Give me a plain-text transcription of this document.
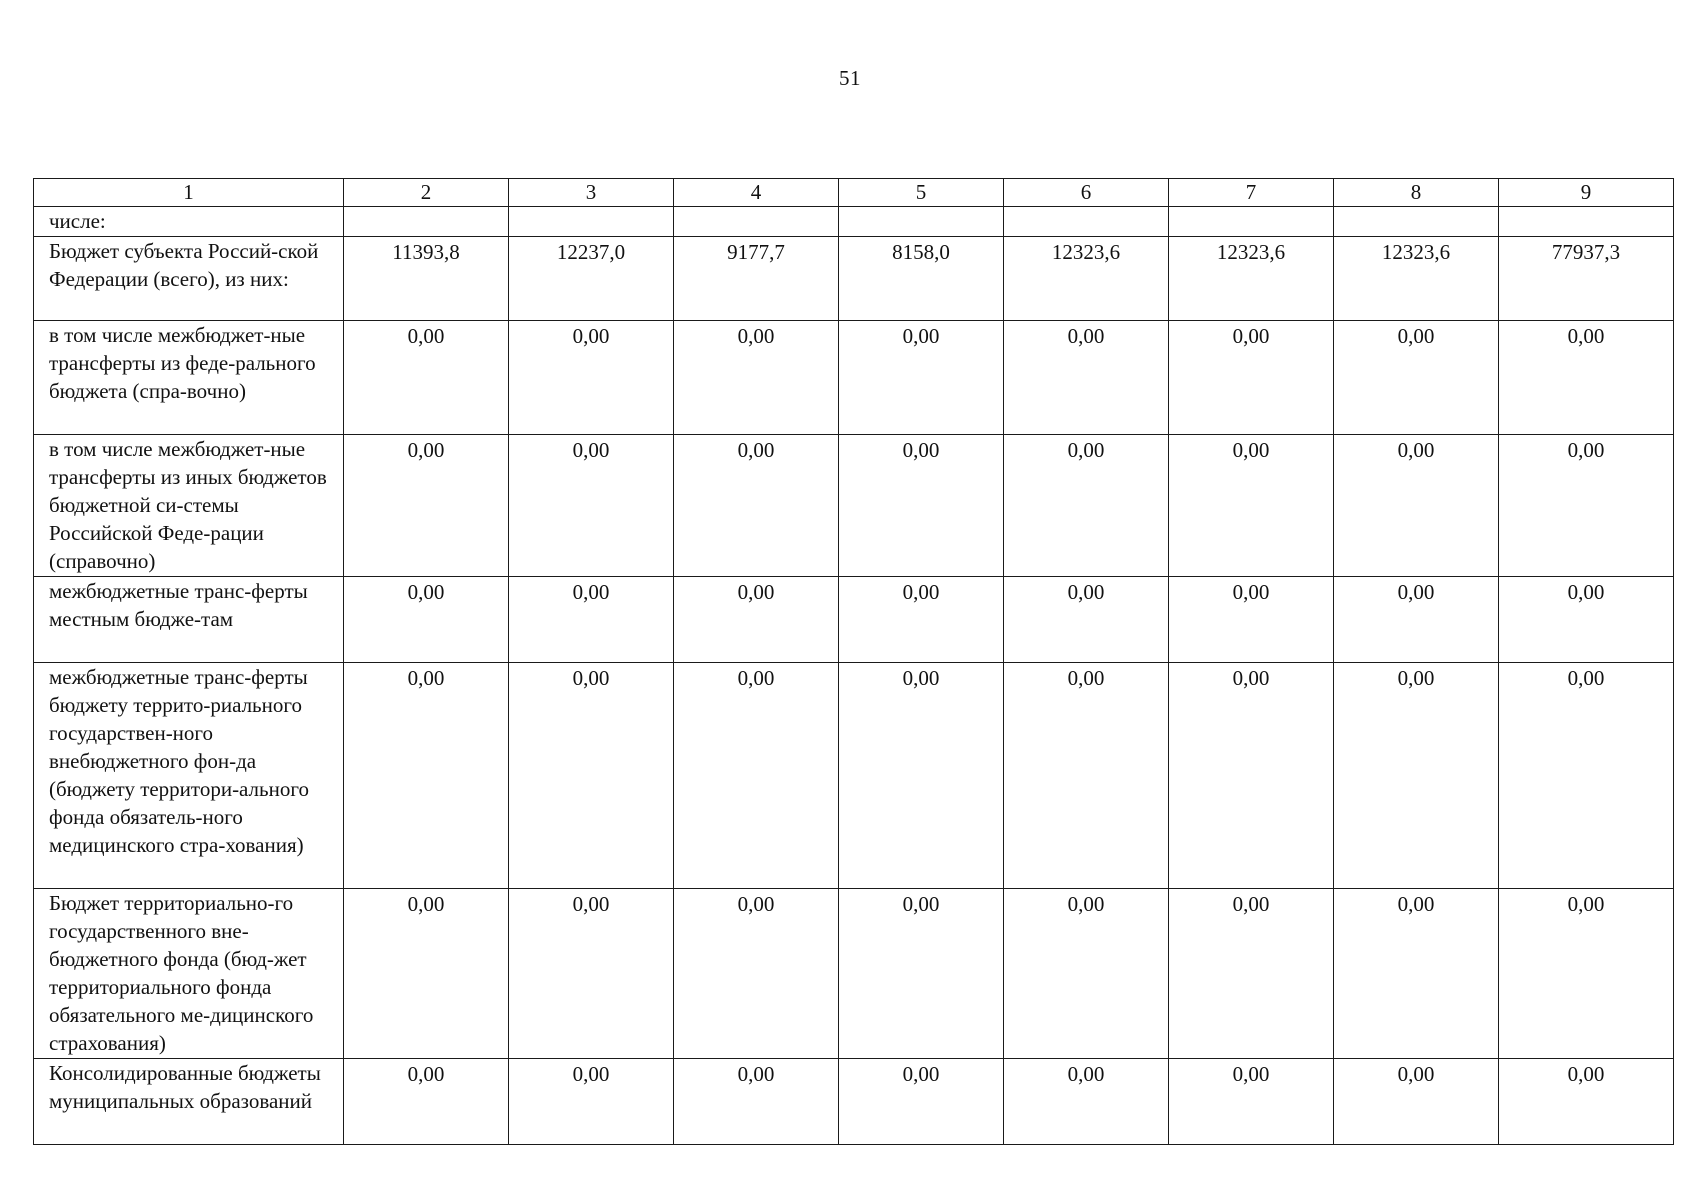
51
1	2	3	4	5	6	7	8	9
числе:								
Бюджет субъекта Россий-ской Федерации (всего), из них:	11393,8	12237,0	9177,7	8158,0	12323,6	12323,6	12323,6	77937,3
в том числе межбюджет-ные трансферты из феде-рального бюджета (спра-вочно)	0,00	0,00	0,00	0,00	0,00	0,00	0,00	0,00
в том числе межбюджет-ные трансферты из иных бюджетов бюджетной си-стемы Российской Феде-рации (справочно)	0,00	0,00	0,00	0,00	0,00	0,00	0,00	0,00
межбюджетные транс-ферты местным бюдже-там	0,00	0,00	0,00	0,00	0,00	0,00	0,00	0,00
межбюджетные транс-ферты бюджету террито-риального государствен-ного внебюджетного фон-да (бюджету территори-ального фонда обязатель-ного медицинского стра-хования)	0,00	0,00	0,00	0,00	0,00	0,00	0,00	0,00
Бюджет территориально-го государственного вне-бюджетного фонда (бюд-жет территориального фонда обязательного ме-дицинского страхования)	0,00	0,00	0,00	0,00	0,00	0,00	0,00	0,00
Консолидированные бюджеты муниципальных образований	0,00	0,00	0,00	0,00	0,00	0,00	0,00	0,00
